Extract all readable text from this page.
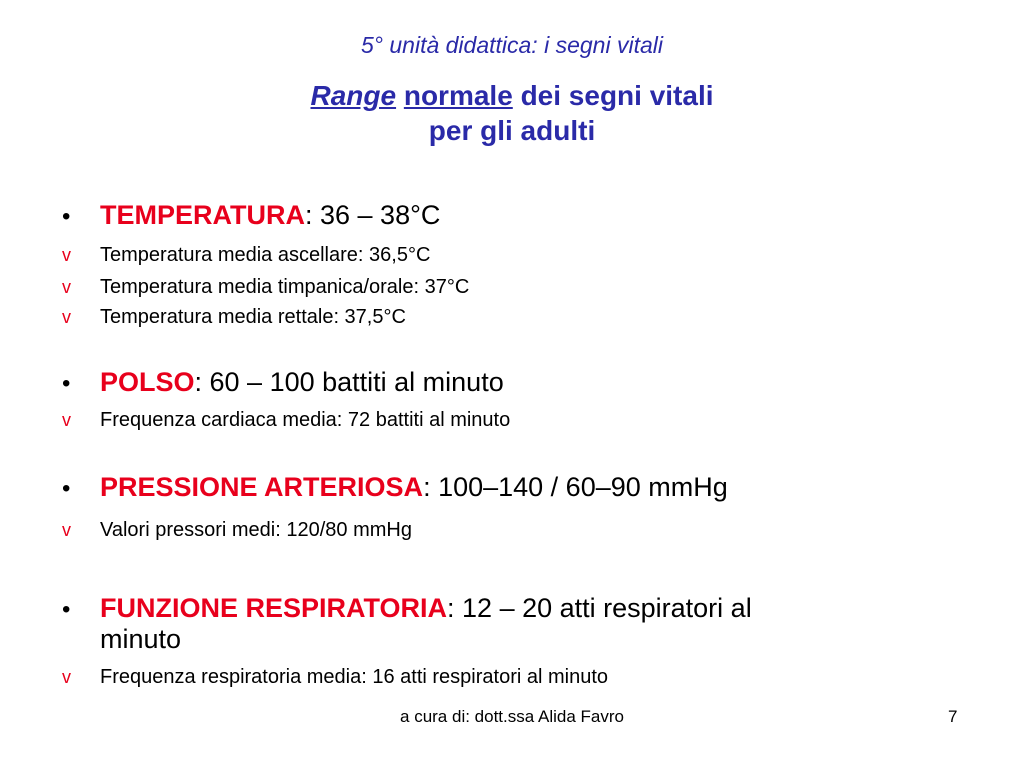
5° unità didattica: i segni vitali
Range normale dei segni vitali
per gli adulti
• TEMPERATURA: 36 – 38°C
v Temperatura media ascellare: 36,5°C
v Temperatura media timpanica/orale: 37°C
v Temperatura media rettale: 37,5°C
• POLSO: 60 – 100 battiti al minuto
v Frequenza cardiaca media: 72 battiti al minuto
• PRESSIONE ARTERIOSA: 100–140 / 60–90 mmHg
v Valori pressori medi: 120/80 mmHg
• FUNZIONE RESPIRATORIA: 12 – 20 atti respiratori al
minuto
v Frequenza respiratoria media: 16 atti respiratori al minuto
a cura di: dott.ssa Alida Favro	7
